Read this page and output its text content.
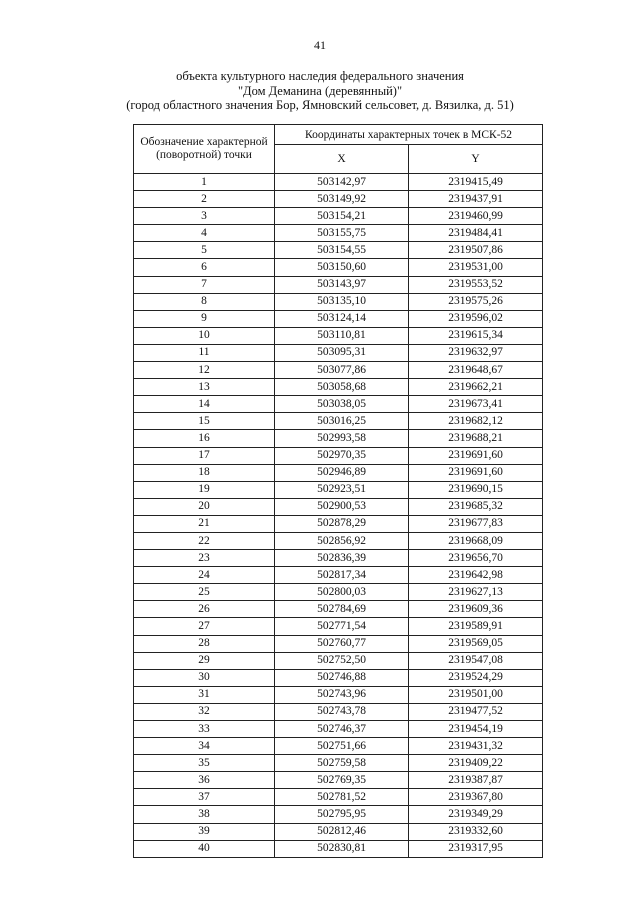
41
объекта культурного наследия федерального значения
"Дом Деманина (деревянный)"
(город областного значения Бор, Ямновский сельсовет, д. Вязилка, д. 51)
Обозначение характерной (поворотной) точки	Координаты характерных точек в МСК-52	
	X	Y
1	503142,97	2319415,49
2	503149,92	2319437,91
3	503154,21	2319460,99
4	503155,75	2319484,41
5	503154,55	2319507,86
6	503150,60	2319531,00
7	503143,97	2319553,52
8	503135,10	2319575,26
9	503124,14	2319596,02
10	503110,81	2319615,34
11	503095,31	2319632,97
12	503077,86	2319648,67
13	503058,68	2319662,21
14	503038,05	2319673,41
15	503016,25	2319682,12
16	502993,58	2319688,21
17	502970,35	2319691,60
18	502946,89	2319691,60
19	502923,51	2319690,15
20	502900,53	2319685,32
21	502878,29	2319677,83
22	502856,92	2319668,09
23	502836,39	2319656,70
24	502817,34	2319642,98
25	502800,03	2319627,13
26	502784,69	2319609,36
27	502771,54	2319589,91
28	502760,77	2319569,05
29	502752,50	2319547,08
30	502746,88	2319524,29
31	502743,96	2319501,00
32	502743,78	2319477,52
33	502746,37	2319454,19
34	502751,66	2319431,32
35	502759,58	2319409,22
36	502769,35	2319387,87
37	502781,52	2319367,80
38	502795,95	2319349,29
39	502812,46	2319332,60
40	502830,81	2319317,95
